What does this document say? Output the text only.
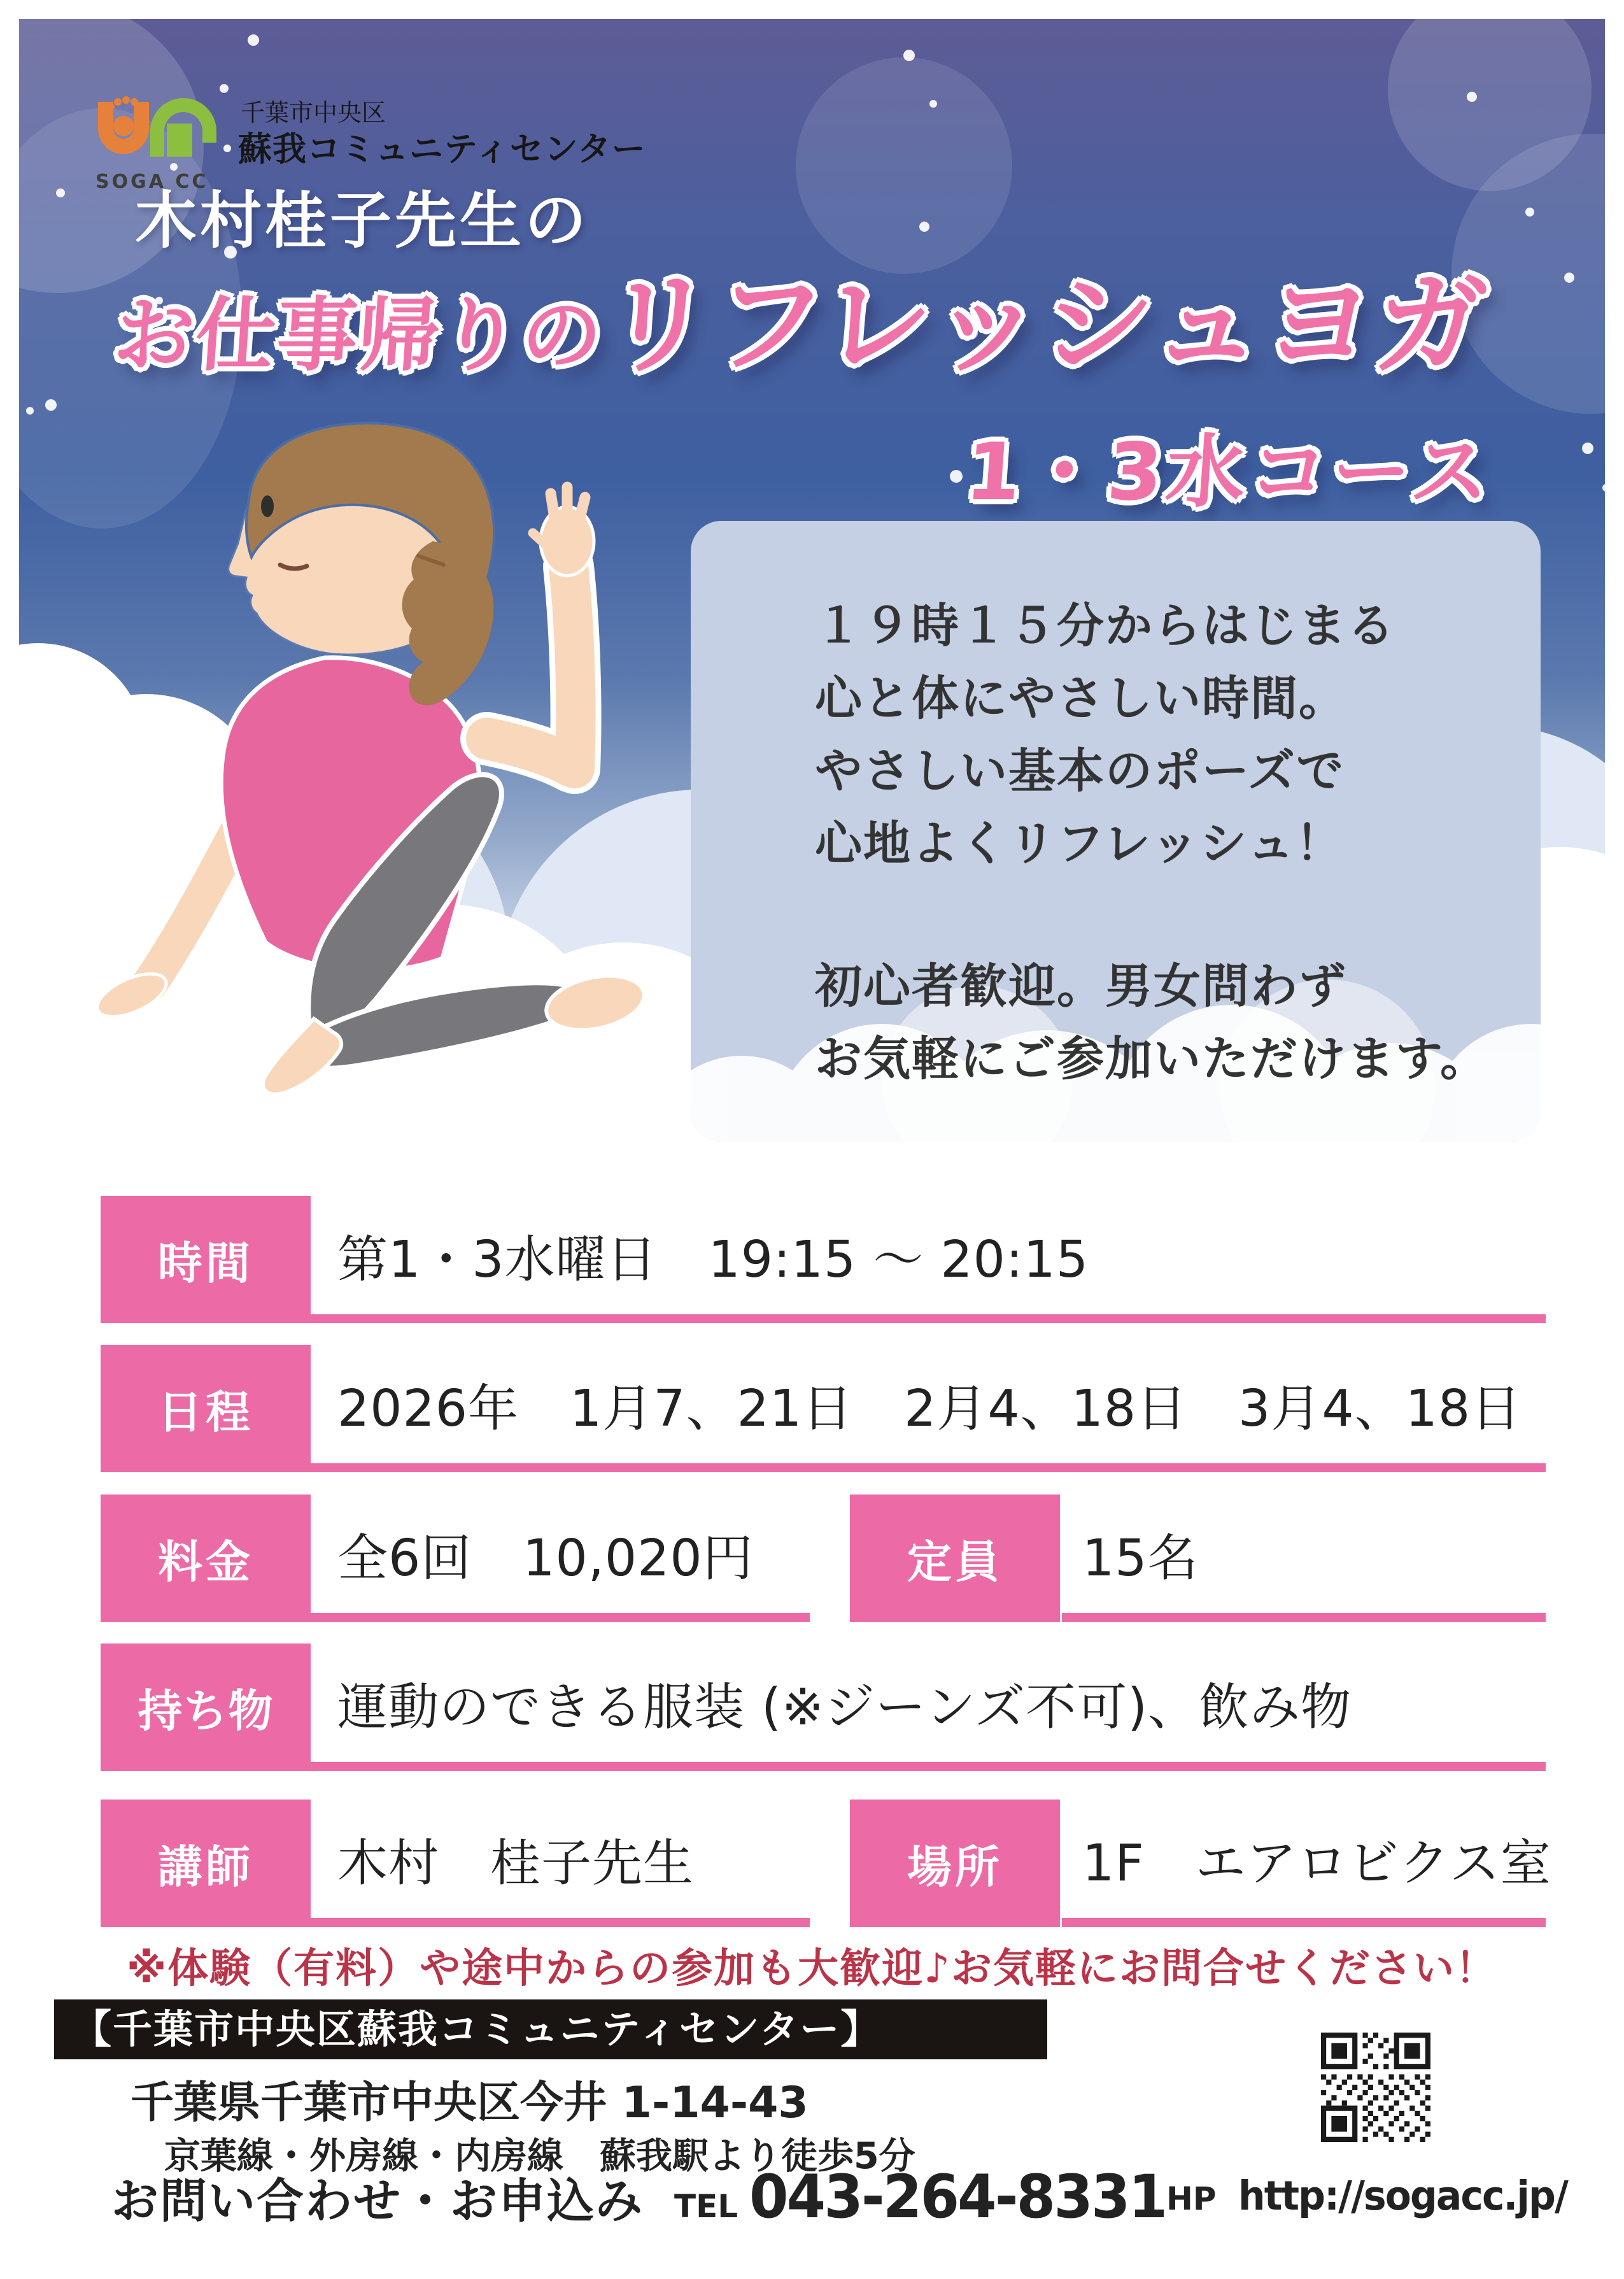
SOGA CC
千葉市中央区
蘇我コミュニティセンター
木村桂子先生の
お仕事帰りの
リフレッシュヨガ
1・3水コース
１９時１５分からはじまる
心と体にやさしい時間。
やさしい基本のポーズで
心地よくリフレッシュ！
初心者歓迎。男女問わず
お気軽にご参加いただけます。
時間	第1・3水曜日　19:15 ～ 20:15
日程	2026年　1月7、21日　2月4、18日　3月4、18日
料金	全6回　10,020円	定員	15名
持ち物	運動のできる服装 (※ジーンズ不可)、飲み物
講師	木村　桂子先生	場所	1F　エアロビクス室
※体験（有料）や途中からの参加も大歓迎♪お気軽にお問合せください！
【千葉市中央区蘇我コミュニティセンター】
千葉県千葉市中央区今井 1-14-43
京葉線・外房線・内房線　蘇我駅より徒歩5分
お問い合わせ・お申込み TEL 043-264-8331 HP http://sogacc.jp/
